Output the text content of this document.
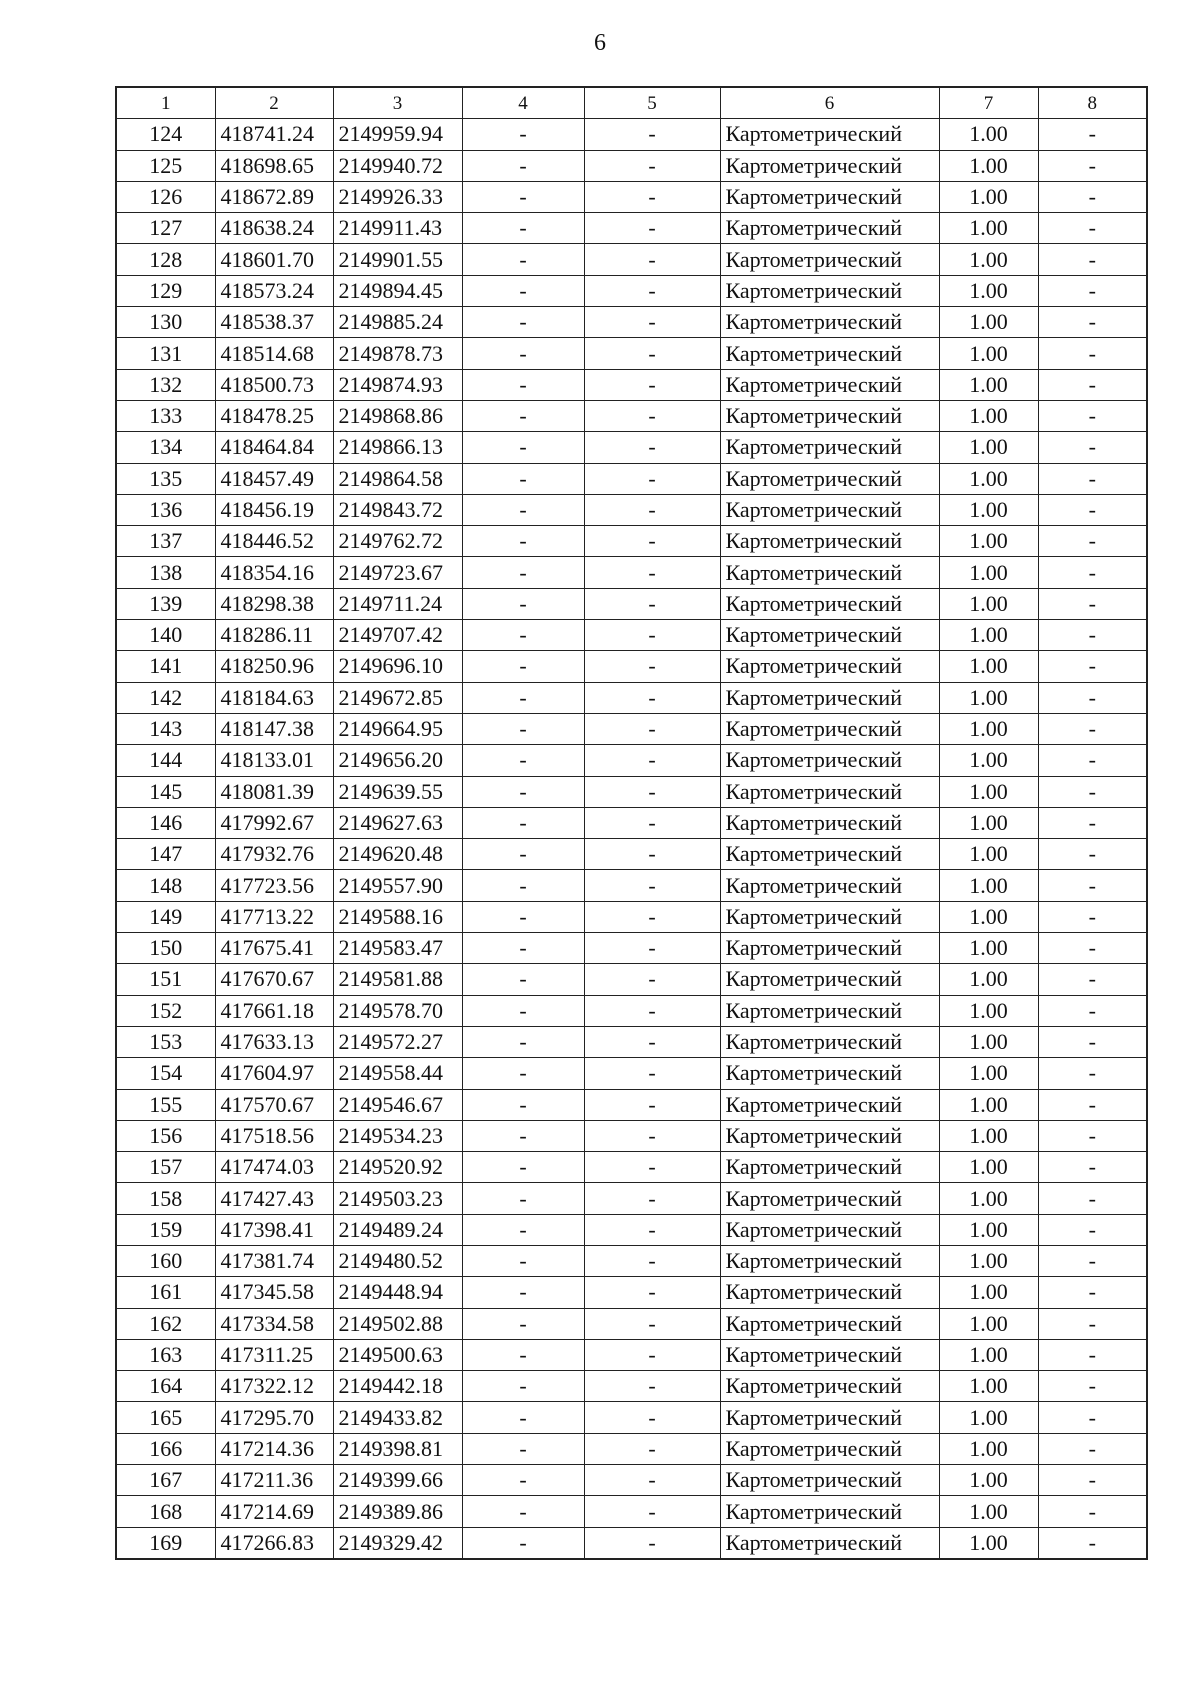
6
1	2	3	4	5	6	7	8
124	418741.24	2149959.94	-	-	Картометрический	1.00	-
125	418698.65	2149940.72	-	-	Картометрический	1.00	-
126	418672.89	2149926.33	-	-	Картометрический	1.00	-
127	418638.24	2149911.43	-	-	Картометрический	1.00	-
128	418601.70	2149901.55	-	-	Картометрический	1.00	-
129	418573.24	2149894.45	-	-	Картометрический	1.00	-
130	418538.37	2149885.24	-	-	Картометрический	1.00	-
131	418514.68	2149878.73	-	-	Картометрический	1.00	-
132	418500.73	2149874.93	-	-	Картометрический	1.00	-
133	418478.25	2149868.86	-	-	Картометрический	1.00	-
134	418464.84	2149866.13	-	-	Картометрический	1.00	-
135	418457.49	2149864.58	-	-	Картометрический	1.00	-
136	418456.19	2149843.72	-	-	Картометрический	1.00	-
137	418446.52	2149762.72	-	-	Картометрический	1.00	-
138	418354.16	2149723.67	-	-	Картометрический	1.00	-
139	418298.38	2149711.24	-	-	Картометрический	1.00	-
140	418286.11	2149707.42	-	-	Картометрический	1.00	-
141	418250.96	2149696.10	-	-	Картометрический	1.00	-
142	418184.63	2149672.85	-	-	Картометрический	1.00	-
143	418147.38	2149664.95	-	-	Картометрический	1.00	-
144	418133.01	2149656.20	-	-	Картометрический	1.00	-
145	418081.39	2149639.55	-	-	Картометрический	1.00	-
146	417992.67	2149627.63	-	-	Картометрический	1.00	-
147	417932.76	2149620.48	-	-	Картометрический	1.00	-
148	417723.56	2149557.90	-	-	Картометрический	1.00	-
149	417713.22	2149588.16	-	-	Картометрический	1.00	-
150	417675.41	2149583.47	-	-	Картометрический	1.00	-
151	417670.67	2149581.88	-	-	Картометрический	1.00	-
152	417661.18	2149578.70	-	-	Картометрический	1.00	-
153	417633.13	2149572.27	-	-	Картометрический	1.00	-
154	417604.97	2149558.44	-	-	Картометрический	1.00	-
155	417570.67	2149546.67	-	-	Картометрический	1.00	-
156	417518.56	2149534.23	-	-	Картометрический	1.00	-
157	417474.03	2149520.92	-	-	Картометрический	1.00	-
158	417427.43	2149503.23	-	-	Картометрический	1.00	-
159	417398.41	2149489.24	-	-	Картометрический	1.00	-
160	417381.74	2149480.52	-	-	Картометрический	1.00	-
161	417345.58	2149448.94	-	-	Картометрический	1.00	-
162	417334.58	2149502.88	-	-	Картометрический	1.00	-
163	417311.25	2149500.63	-	-	Картометрический	1.00	-
164	417322.12	2149442.18	-	-	Картометрический	1.00	-
165	417295.70	2149433.82	-	-	Картометрический	1.00	-
166	417214.36	2149398.81	-	-	Картометрический	1.00	-
167	417211.36	2149399.66	-	-	Картометрический	1.00	-
168	417214.69	2149389.86	-	-	Картометрический	1.00	-
169	417266.83	2149329.42	-	-	Картометрический	1.00	-
